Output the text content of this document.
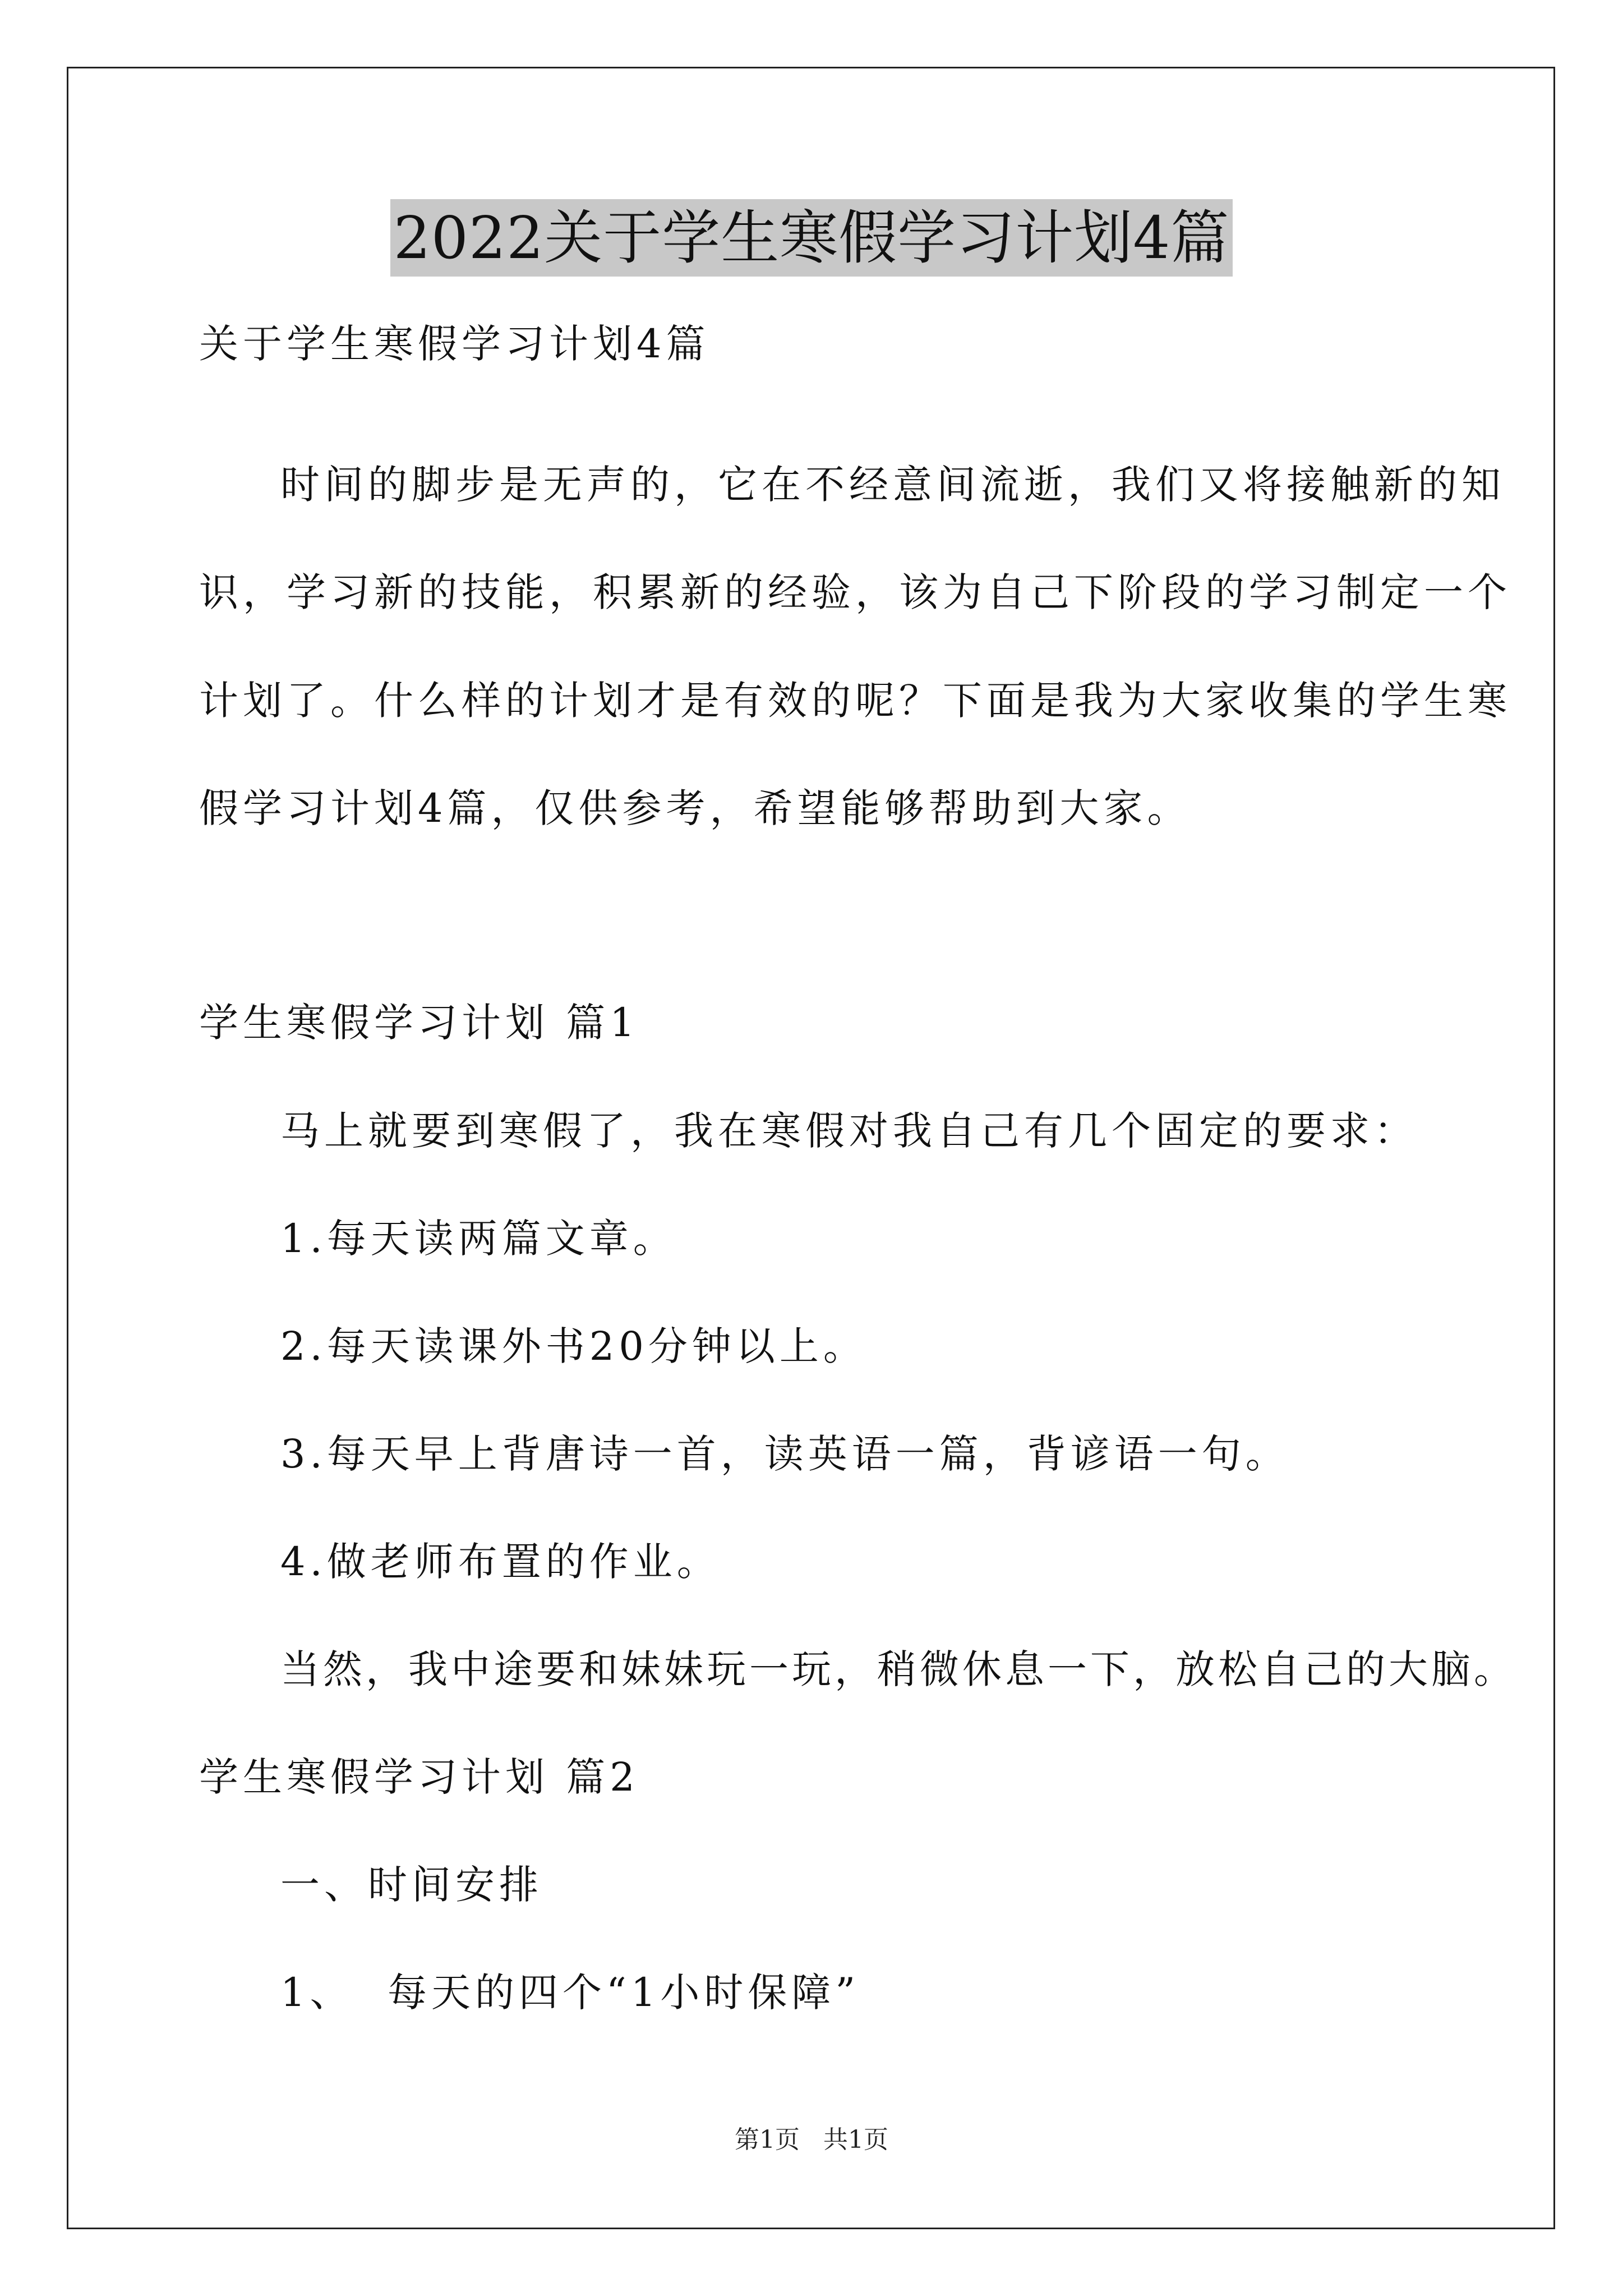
2022关于学生寒假学习计划4篇
关于学生寒假学习计划4篇
时间的脚步是无声的，它在不经意间流逝，我们又将接触新的知
识，学习新的技能，积累新的经验，该为自己下阶段的学习制定一个
计划了。什么样的计划才是有效的呢？下面是我为大家收集的学生寒
假学习计划4篇，仅供参考，希望能够帮助到大家。
学生寒假学习计划 篇1
马上就要到寒假了，我在寒假对我自己有几个固定的要求：
1.每天读两篇文章。
2.每天读课外书20分钟以上。
3.每天早上背唐诗一首，读英语一篇，背谚语一句。
4.做老师布置的作业。
当然，我中途要和妹妹玩一玩，稍微休息一下，放松自己的大脑。
学生寒假学习计划 篇2
一、时间安排
1、  每天的四个“1小时保障”
第1页   共1页
